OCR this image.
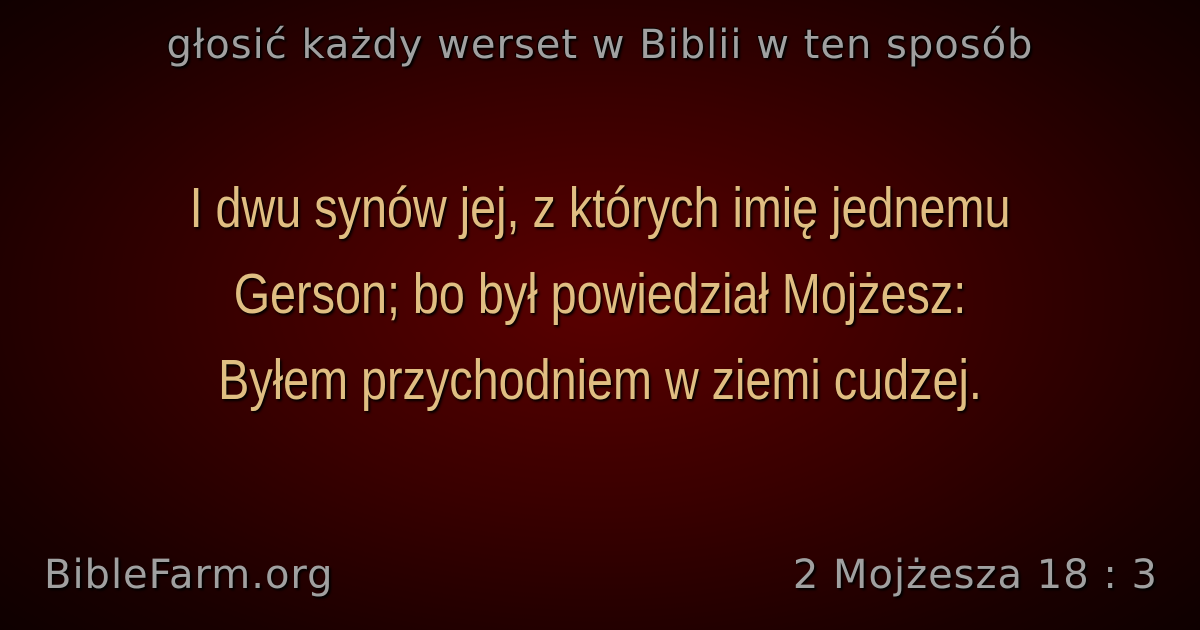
głosić każdy werset w Biblii w ten sposób
I dwu synów jej, z których imię jednemu
Gerson; bo był powiedział Mojżesz:
Byłem przychodniem w ziemi cudzej.
BibleFarm.org	2 Mojżesza 18 : 3
